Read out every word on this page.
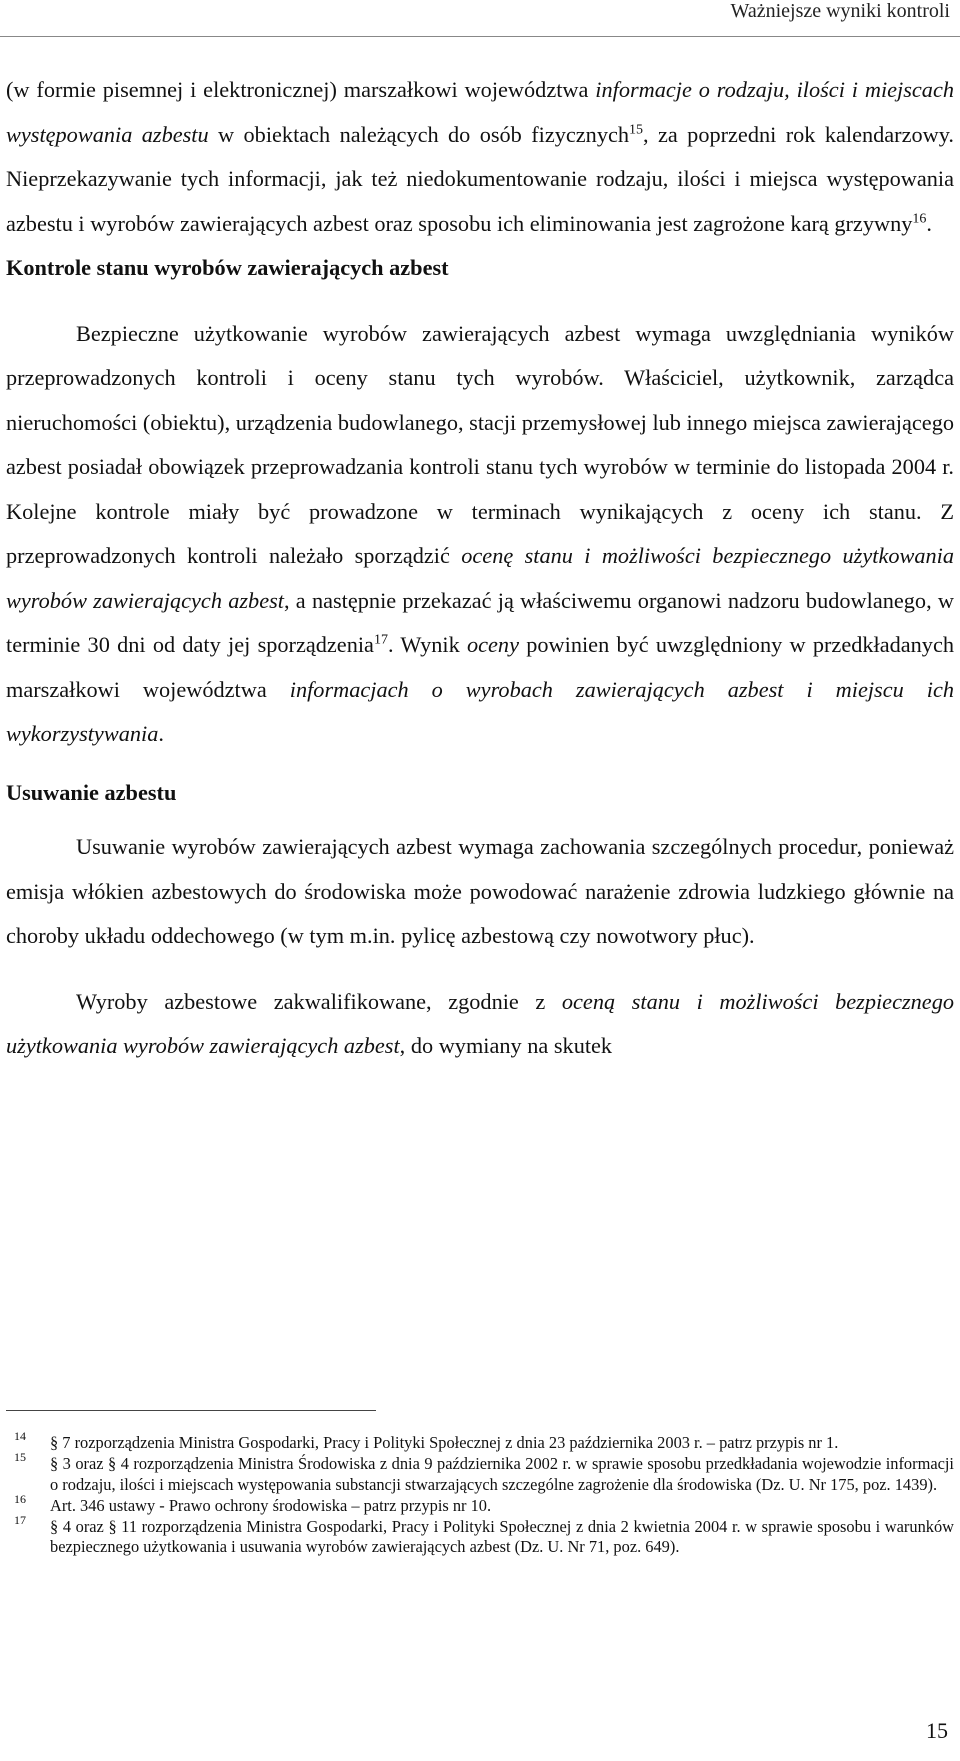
Ważniejsze wyniki kontroli

(w formie pisemnej i elektronicznej) marszałkowi województwa informacje o rodzaju, ilości i miejscach występowania azbestu w obiektach należących do osób fizycznych$^{15}$, za poprzedni rok kalendarzowy. Nieprzekazywanie tych informacji, jak też niedokumentowanie rodzaju, ilości i miejsca występowania azbestu i wyrobów zawierających azbest oraz sposobu ich eliminowania jest zagrożone karą grzywny$^{16}$.

Kontrole stanu wyrobów zawierających azbest

Bezpieczne użytkowanie wyrobów zawierających azbest wymaga uwzględniania wyników przeprowadzonych kontroli i oceny stanu tych wyrobów. Właściciel, użytkownik, zarządca nieruchomości (obiektu), urządzenia budowlanego, stacji przemysłowej lub innego miejsca zawierającego azbest posiadał obowiązek przeprowadzania kontroli stanu tych wyrobów w terminie do listopada 2004 r. Kolejne kontrole miały być prowadzone w terminach wynikających z oceny ich stanu. Z przeprowadzonych kontroli należało sporządzić ocenę stanu i możliwości bezpiecznego użytkowania wyrobów zawierających azbest, a następnie przekazać ją właściwemu organowi nadzoru budowlanego, w terminie 30 dni od daty jej sporządzenia$^{17}$. Wynik oceny powinien być uwzględniony w przedkładanych marszałkowi województwa informacjach o wyrobach zawierających azbest i miejscu ich wykorzystywania.

Usuwanie azbestu

Usuwanie wyrobów zawierających azbest wymaga zachowania szczególnych procedur, ponieważ emisja włókien azbestowych do środowiska może powodować narażenie zdrowia ludzkiego głównie na choroby układu oddechowego (w tym m.in. pylicę azbestową czy nowotwory płuc).

Wyroby azbestowe zakwalifikowane, zgodnie z oceną stanu i możliwości bezpiecznego użytkowania wyrobów zawierających azbest, do wymiany na skutek

14 § 7 rozporządzenia Ministra Gospodarki, Pracy i Polityki Społecznej z dnia 23 października 2003 r. – patrz przypis nr 1.
15 § 3 oraz § 4 rozporządzenia Ministra Środowiska z dnia 9 października 2002 r. w sprawie sposobu przedkładania wojewodzie informacji o rodzaju, ilości i miejscach występowania substancji stwarzających szczególne zagrożenie dla środowiska (Dz. U. Nr 175, poz. 1439).
16 Art. 346 ustawy - Prawo ochrony środowiska – patrz przypis nr 10.
17 § 4 oraz § 11 rozporządzenia Ministra Gospodarki, Pracy i Polityki Społecznej z dnia 2 kwietnia 2004 r. w sprawie sposobu i warunków bezpiecznego użytkowania i usuwania wyrobów zawierających azbest (Dz. U. Nr 71, poz. 649).
15
